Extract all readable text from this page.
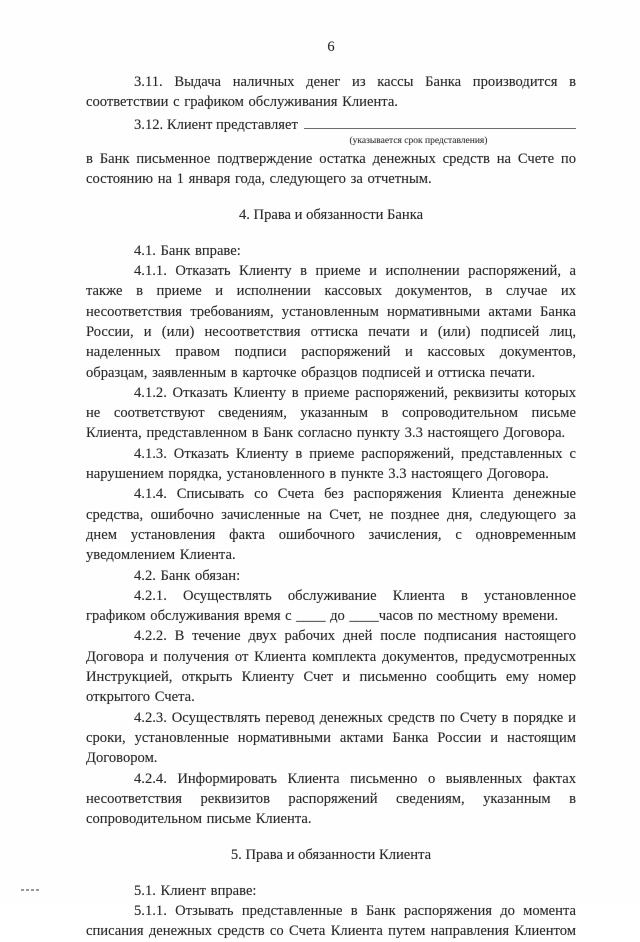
6

3.11. Выдача наличных денег из кассы Банка производится в соответствии с графиком обслуживания Клиента.

3.12. Клиент представляет
(указывается срок представления)

в Банк письменное подтверждение остатка денежных средств на Счете по состоянию на 1 января года, следующего за отчетным.

4. Права и обязанности Банка

4.1. Банк вправе:

4.1.1. Отказать Клиенту в приеме и исполнении распоряжений, а также в приеме и исполнении кассовых документов, в случае их несоответствия требованиям, установленным нормативными актами Банка России, и (или) несоответствия оттиска печати и (или) подписей лиц, наделенных правом подписи распоряжений и кассовых документов, образцам, заявленным в карточке образцов подписей и оттиска печати.

4.1.2. Отказать Клиенту в приеме распоряжений, реквизиты которых не соответствуют сведениям, указанным в сопроводительном письме Клиента, представленном в Банк согласно пункту 3.3 настоящего Договора.

4.1.3. Отказать Клиенту в приеме распоряжений, представленных с нарушением порядка, установленного в пункте 3.3 настоящего Договора.

4.1.4. Списывать со Счета без распоряжения Клиента денежные средства, ошибочно зачисленные на Счет, не позднее дня, следующего за днем установления факта ошибочного зачисления, с одновременным уведомлением Клиента.

4.2. Банк обязан:

4.2.1. Осуществлять обслуживание Клиента в установленное графиком обслуживания время с ____ до ____часов по местному времени.

4.2.2. В течение двух рабочих дней после подписания настоящего Договора и получения от Клиента комплекта документов, предусмотренных Инструкцией, открыть Клиенту Счет и письменно сообщить ему номер открытого Счета.

4.2.3. Осуществлять перевод денежных средств по Счету в порядке и сроки, установленные нормативными актами Банка России и настоящим Договором.

4.2.4. Информировать Клиента письменно о выявленных фактах несоответствия реквизитов распоряжений сведениям, указанным в сопроводительном письме Клиента.

5. Права и обязанности Клиента

5.1. Клиент вправе:

5.1.1. Отзывать представленные в Банк распоряжения до момента списания денежных средств со Счета Клиента путем направления Клиентом
